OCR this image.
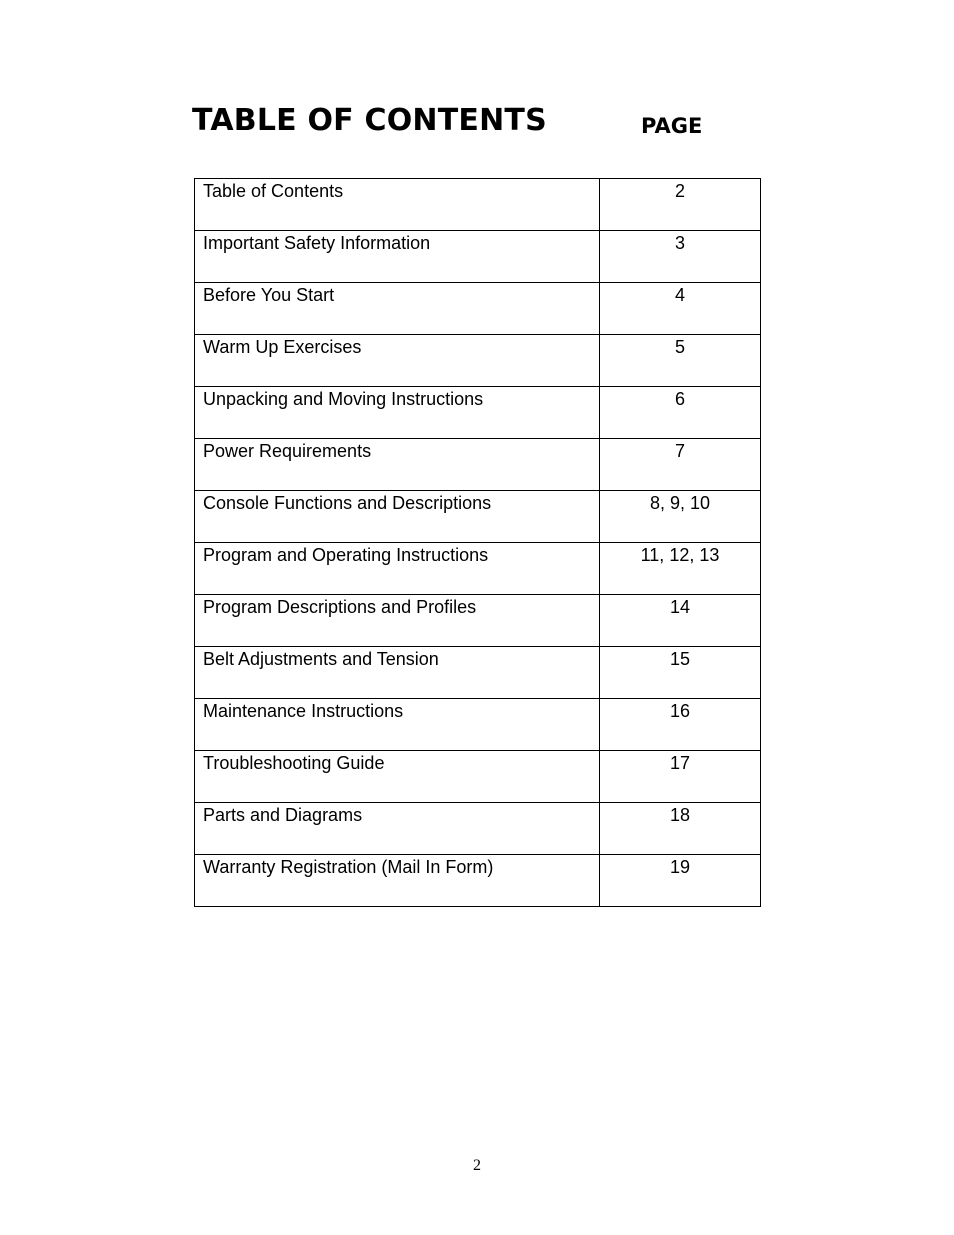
TABLE OF CONTENTS	PAGE
Table of Contents	2
Important Safety Information	3
Before You Start	4
Warm Up Exercises	5
Unpacking and Moving Instructions	6
Power Requirements	7
Console Functions and Descriptions	8, 9, 10
Program and Operating Instructions	11, 12, 13
Program Descriptions and Profiles	14
Belt Adjustments and Tension	15
Maintenance Instructions	16
Troubleshooting Guide	17
Parts and Diagrams	18
Warranty Registration (Mail In Form)	19
2
